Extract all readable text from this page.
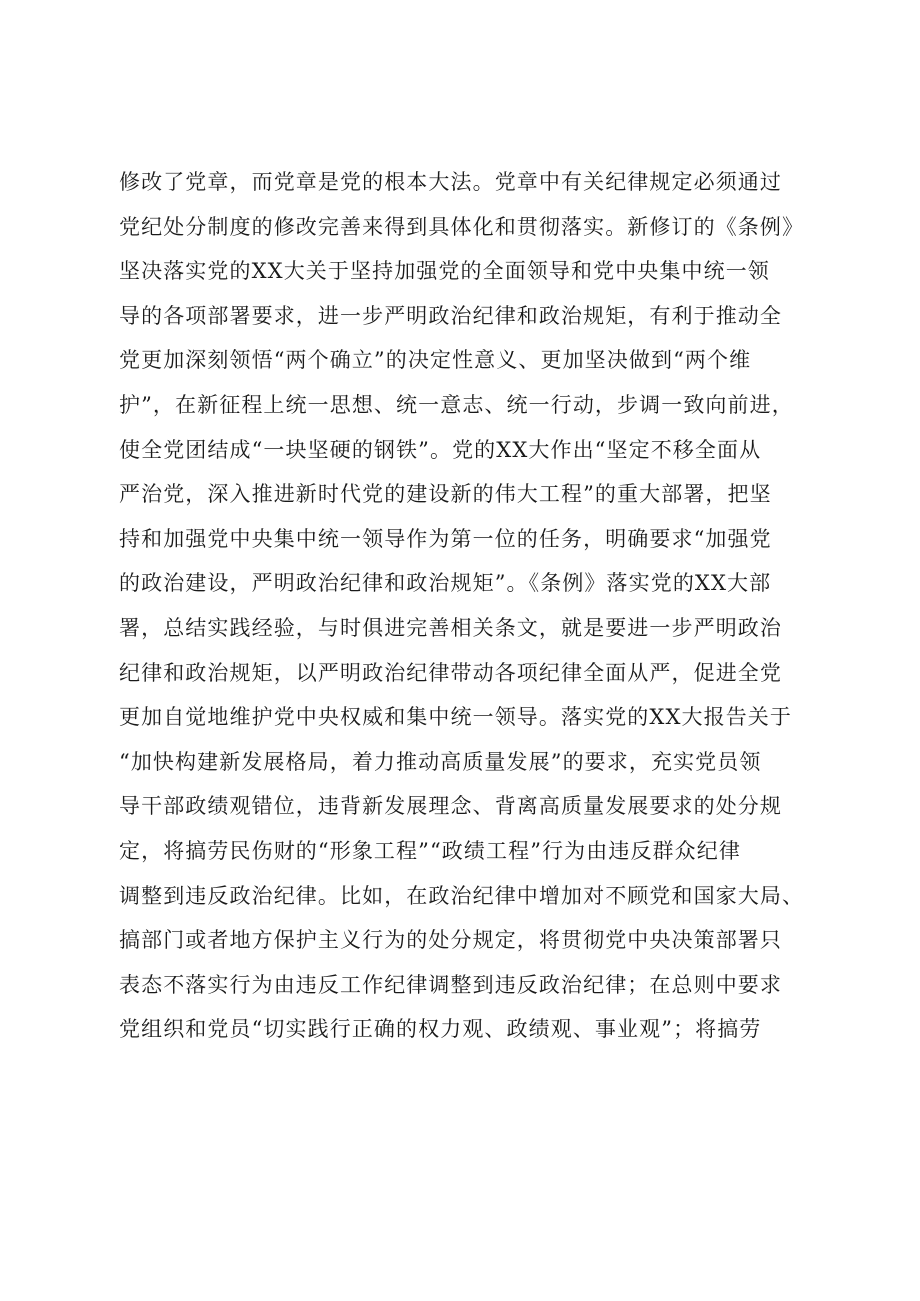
修改了党章，而党章是党的根本大法。党章中有关纪律规定必须通过
党纪处分制度的修改完善来得到具体化和贯彻落实。新修订的《条例》
坚决落实党的XX大关于坚持加强党的全面领导和党中央集中统一领
导的各项部署要求，进一步严明政治纪律和政治规矩，有利于推动全
党更加深刻领悟“两个确立”的决定性意义、更加坚决做到“两个维
护”，在新征程上统一思想、统一意志、统一行动，步调一致向前进，
使全党团结成“一块坚硬的钢铁”。党的XX大作出“坚定不移全面从
严治党，深入推进新时代党的建设新的伟大工程”的重大部署，把坚
持和加强党中央集中统一领导作为第一位的任务，明确要求“加强党
的政治建设，严明政治纪律和政治规矩”。《条例》落实党的XX大部
署，总结实践经验，与时俱进完善相关条文，就是要进一步严明政治
纪律和政治规矩，以严明政治纪律带动各项纪律全面从严，促进全党
更加自觉地维护党中央权威和集中统一领导。落实党的XX大报告关于
“加快构建新发展格局，着力推动高质量发展”的要求，充实党员领
导干部政绩观错位，违背新发展理念、背离高质量发展要求的处分规
定，将搞劳民伤财的“形象工程”“政绩工程”行为由违反群众纪律
调整到违反政治纪律。比如，在政治纪律中增加对不顾党和国家大局、
搞部门或者地方保护主义行为的处分规定，将贯彻党中央决策部署只
表态不落实行为由违反工作纪律调整到违反政治纪律；在总则中要求
党组织和党员“切实践行正确的权力观、政绩观、事业观”；将搞劳
